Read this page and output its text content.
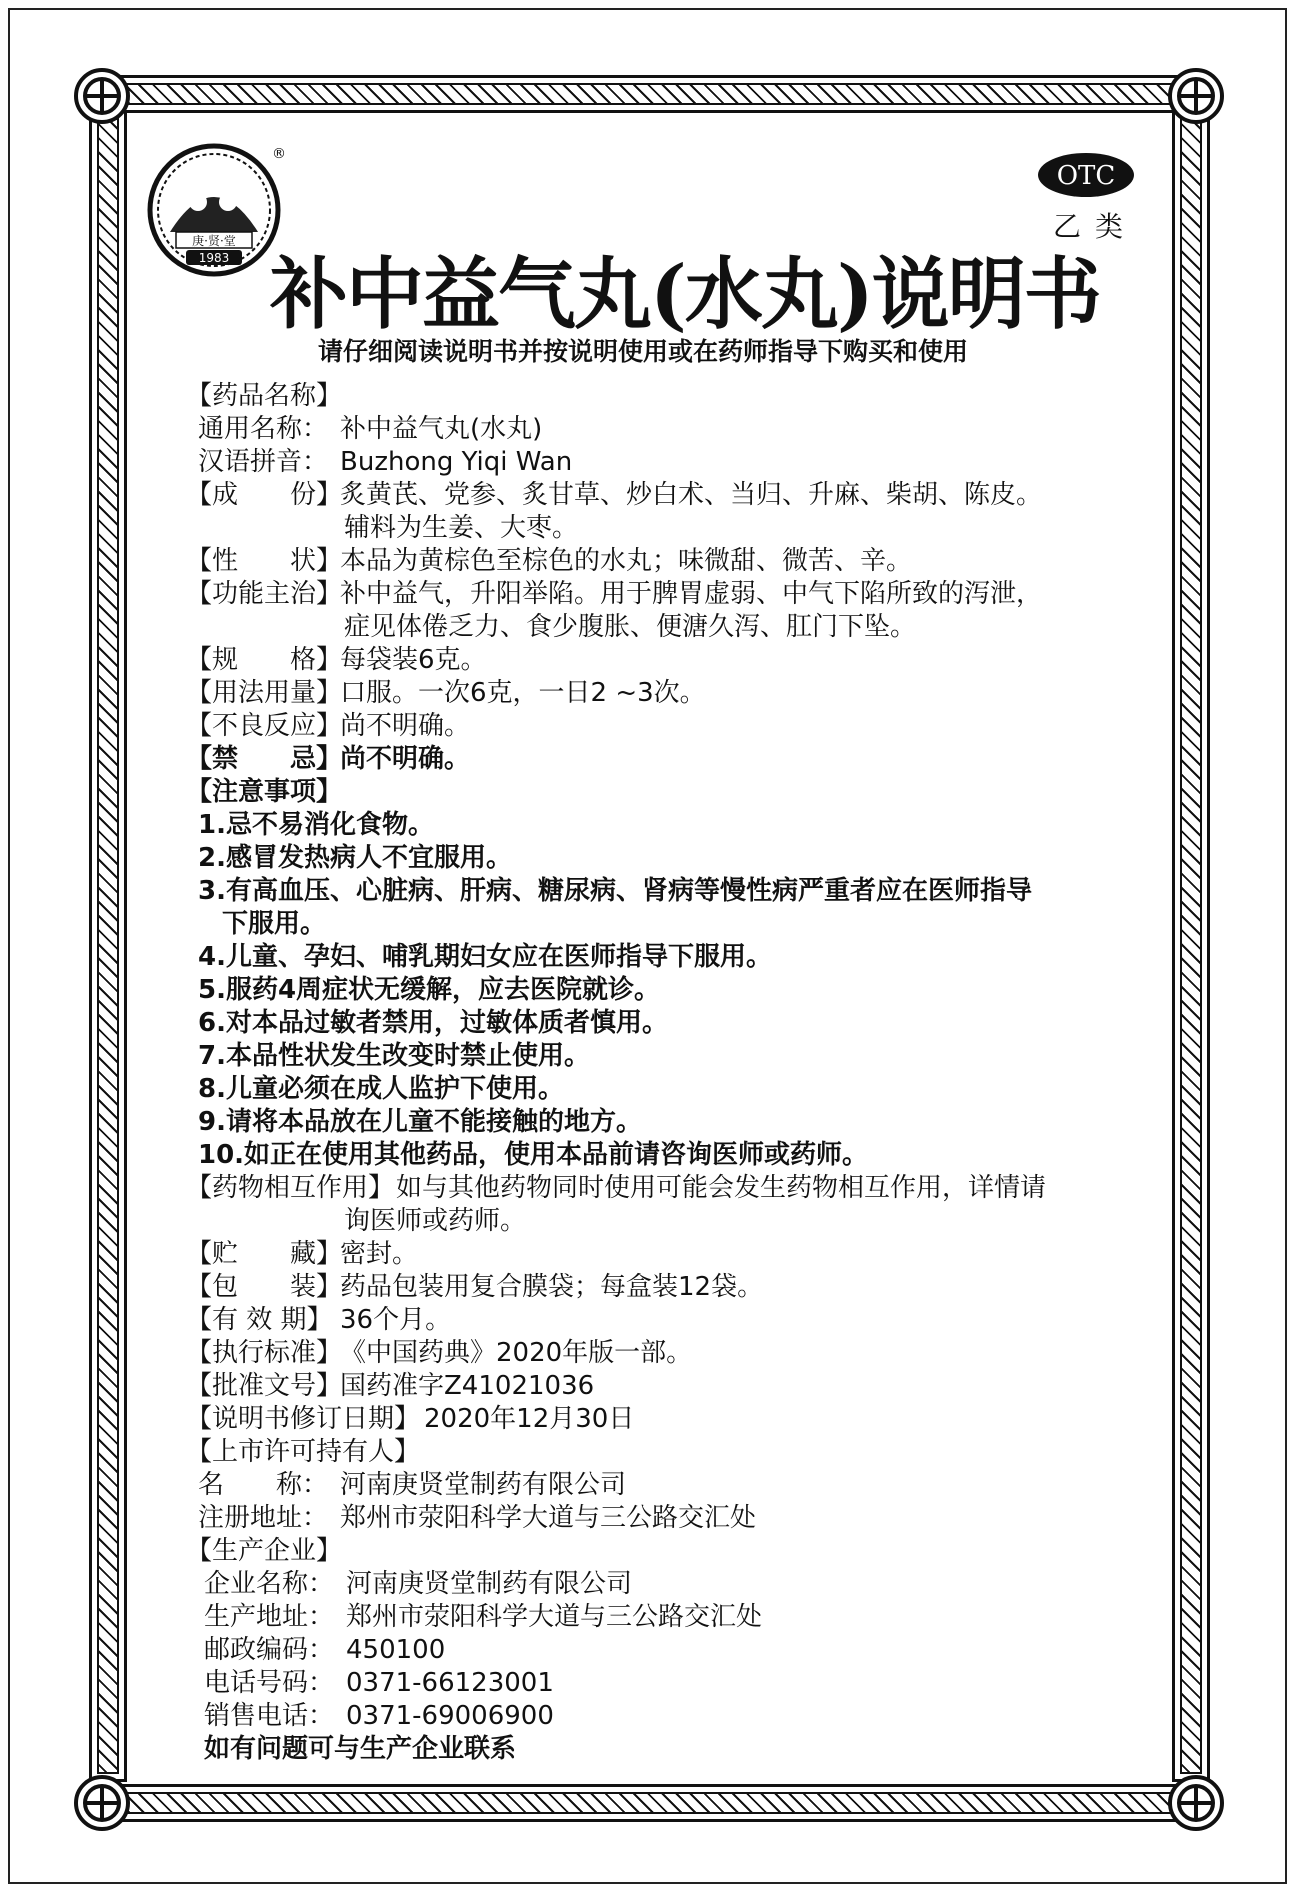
庚·贤·堂
1983
®
OTC
乙类
补中益气丸(水丸)说明书
请仔细阅读说明书并按说明使用或在药师指导下购买和使用
【药品名称】
通用名称： 补中益气丸(水丸)
汉语拼音： Buzhong Yiqi Wan
【成　　份】
炙黄芪、党参、炙甘草、炒白术、当归、升麻、柴胡、陈皮。
辅料为生姜、大枣。
【性　　状】
本品为黄棕色至棕色的水丸；味微甜、微苦、辛。
【功能主治】
补中益气，升阳举陷。用于脾胃虚弱、中气下陷所致的泻泄，
症见体倦乏力、食少腹胀、便溏久泻、肛门下坠。
【规　　格】
每袋装6克。
【用法用量】
口服。一次6克，一日2 ~3次。
【不良反应】
尚不明确。
【禁　　忌】
尚不明确。
【注意事项】
1.忌不易消化食物。
2.感冒发热病人不宜服用。
3.有高血压、心脏病、肝病、糖尿病、肾病等慢性病严重者应在医师指导
下服用。
4.儿童、孕妇、哺乳期妇女应在医师指导下服用。
5.服药4周症状无缓解，应去医院就诊。
6.对本品过敏者禁用，过敏体质者慎用。
7.本品性状发生改变时禁止使用。
8.儿童必须在成人监护下使用。
9.请将本品放在儿童不能接触的地方。
10.如正在使用其他药品，使用本品前请咨询医师或药师。
【药物相互作用】 如与其他药物同时使用可能会发生药物相互作用，详情请
询医师或药师。
【贮　　藏】
密封。
【包　　装】
药品包装用复合膜袋；每盒装12袋。
【有 效 期】 36个月。
【执行标准】
《中国药典》2020年版一部。
【批准文号】
国药准字Z41021036
【说明书修订日期】 2020年12月30日
【上市许可持有人】
名　　称： 河南庚贤堂制药有限公司
注册地址： 郑州市荥阳科学大道与三公路交汇处
【生产企业】
企业名称： 河南庚贤堂制药有限公司
生产地址： 郑州市荥阳科学大道与三公路交汇处
邮政编码： 450100
电话号码： 0371-66123001
销售电话： 0371-69006900
如有问题可与生产企业联系
